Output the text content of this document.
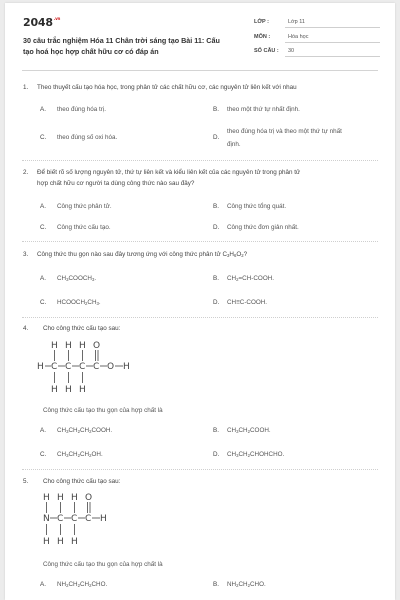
$2048^{.vn}$
30 câu trắc nghiệm Hóa 11 Chân trời sáng tạo Bài 11: Cấu
tạo hoá học hợp chất hữu cơ có đáp án
LỚP :	Lớp 11
MÔN :	Hóa học
SỐ CÂU : 30
1. Theo thuyết cấu tạo hóa học, trong phân tử các chất hữu cơ, các nguyên tử liên kết với nhau
A. theo đúng hóa trị.	B. theo một thứ tự nhất định.
C. theo đúng số oxi hóa.	D.
theo đúng hóa trị và theo một thứ tự nhất
định.
2. Để biết rõ số lượng nguyên tử, thứ tự liên kết và kiểu liên kết của các nguyên tử trong phân tử
hợp chất hữu cơ người ta dùng công thức nào sau đây?
A. Công thức phân tử.	B. Công thức tổng quát.
C. Công thức cấu tạo.	D. Công thức đơn giản nhất.
3. Công thức thu gọn nào sau đây tương ứng với công thức phân tử $C_3H_6O_2$?
A. $CH_3COOCH_3$.	B. $CH_2=CH$-COOH.
C. $HCOOCH_2CH_3$.	D. CH≡C-COOH.
4. Cho công thức cấu tạo sau:
H H H O
H C C C C O H
H H H
Công thức cấu tạo thu gọn của hợp chất là
A. $CH_3CH_2CH_2COOH$.	B. $CH_3CH_2COOH$.
C. $CH_3CH_2CH_2OH$.	D. $CH_3CH_2CHOHCHO$.
5. Cho công thức cấu tạo sau:
H H H O
N C C C H
H H H
Công thức cấu tạo thu gọn của hợp chất là
A. $NH_2CH_2CH_2CHO$.	B. $NH_2CH_2CHO$.
